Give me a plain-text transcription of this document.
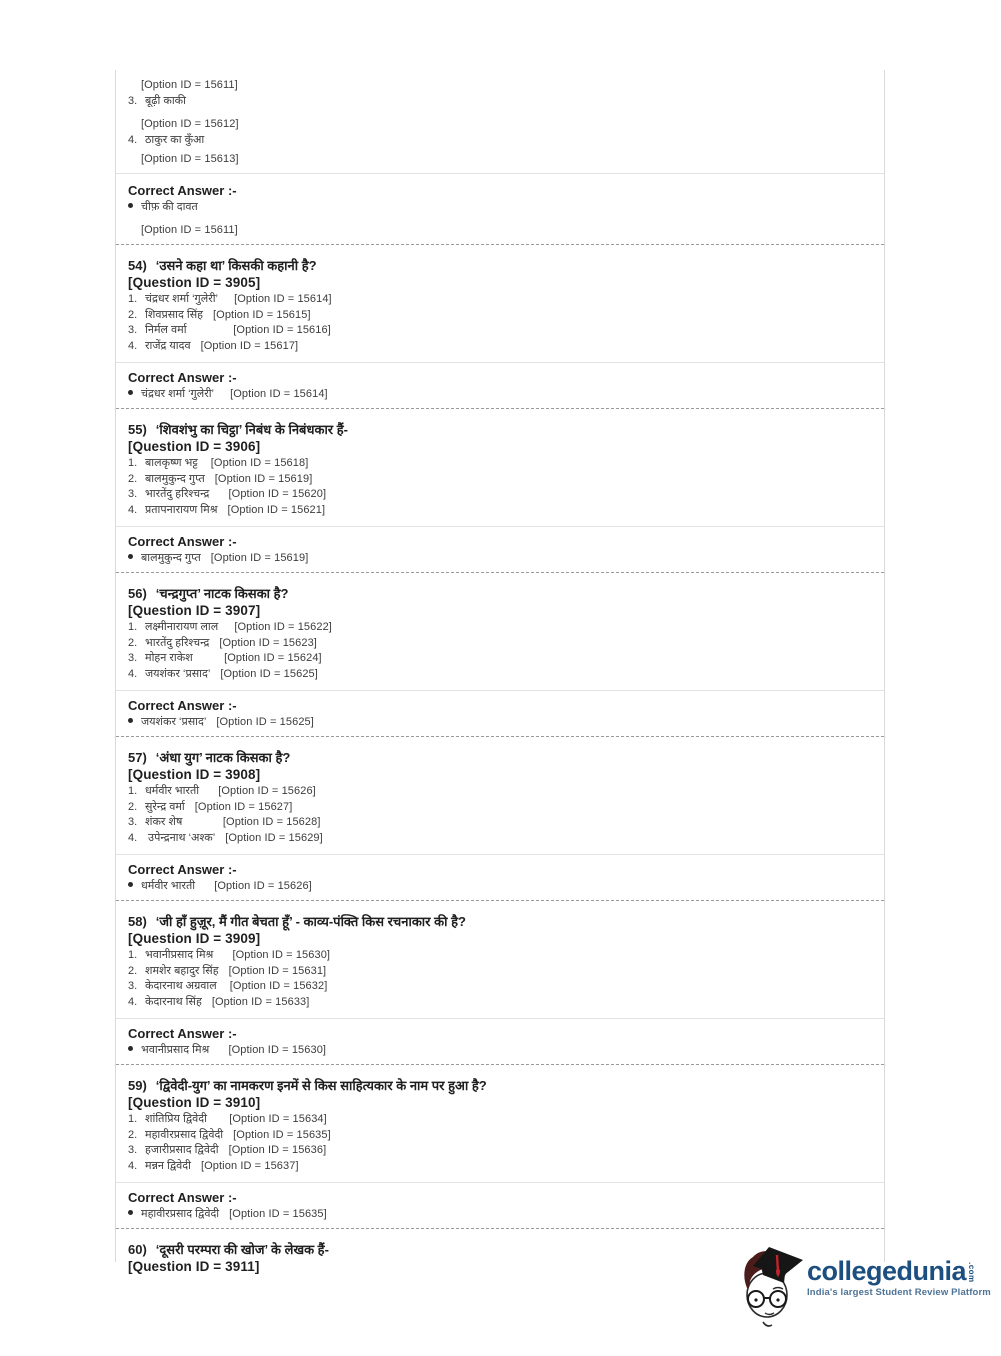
[Option ID = 15611]
3. बूढ़ी काकी
[Option ID = 15612]
4. ठाकुर का कुँआ
[Option ID = 15613]
Correct Answer :-
चीफ़ की दावत
[Option ID = 15611]
54) ‘उसने कहा था’ किसकी कहानी है?
[Question ID = 3905]
1. चंद्रधर शर्मा ‘गुलेरी’  [Option ID = 15614]
2. शिवप्रसाद सिंह [Option ID = 15615]
3. निर्मल वर्मा            [Option ID = 15616]
4. राजेंद्र यादव [Option ID = 15617]
Correct Answer :-
चंद्रधर शर्मा ‘गुलेरी’  [Option ID = 15614]
55) ‘शिवशंभु का चिट्ठा’ निबंध के निबंधकार हैं-
[Question ID = 3906]
1. बालकृष्ण भट्ट [Option ID = 15618]
2. बालमुकुन्द गुप्त [Option ID = 15619]
3. भारतेंदु हरिश्चन्द्र   [Option ID = 15620]
4. प्रतापनारायण मिश्र [Option ID = 15621]
Correct Answer :-
बालमुकुन्द गुप्त [Option ID = 15619]
56) ‘चन्द्रगुप्त’ नाटक किसका है?
[Question ID = 3907]
1. लक्ष्मीनारायण लाल  [Option ID = 15622]
2. भारतेंदु हरिश्चन्द्र [Option ID = 15623]
3. मोहन राकेश       [Option ID = 15624]
4. जयशंकर ‘प्रसाद’ [Option ID = 15625]
Correct Answer :-
जयशंकर ‘प्रसाद’ [Option ID = 15625]
57) ‘अंधा युग’ नाटक किसका है?
[Question ID = 3908]
1. धर्मवीर भारती   [Option ID = 15626]
2. सुरेन्द्र वर्मा [Option ID = 15627]
3. शंकर शेष          [Option ID = 15628]
4. उपेन्द्रनाथ ‘अश्क’ [Option ID = 15629]
Correct Answer :-
धर्मवीर भारती   [Option ID = 15626]
58) ‘जी हाँ हुज़ूर, मैं गीत बेचता हूँ’ - काव्य-पंक्ति किस रचनाकार की है?
[Question ID = 3909]
1. भवानीप्रसाद मिश्र   [Option ID = 15630]
2. शमशेर बहादुर सिंह [Option ID = 15631]
3. केदारनाथ अग्रवाल [Option ID = 15632]
4. केदारनाथ सिंह [Option ID = 15633]
Correct Answer :-
भवानीप्रसाद मिश्र   [Option ID = 15630]
59) ‘द्विवेदी-युग’ का नामकरण इनमें से किस साहित्यकार के नाम पर हुआ है?
[Question ID = 3910]
1. शांतिप्रिय द्विवेदी    [Option ID = 15634]
2. महावीरप्रसाद द्विवेदी [Option ID = 15635]
3. हजारीप्रसाद द्विवेदी [Option ID = 15636]
4. मन्नन द्विवेदी [Option ID = 15637]
Correct Answer :-
महावीरप्रसाद द्विवेदी [Option ID = 15635]
60) ‘दूसरी परम्परा की खोज’ के लेखक हैं-
[Question ID = 3911]	collegedunia .com
India's largest Student Review Platform
